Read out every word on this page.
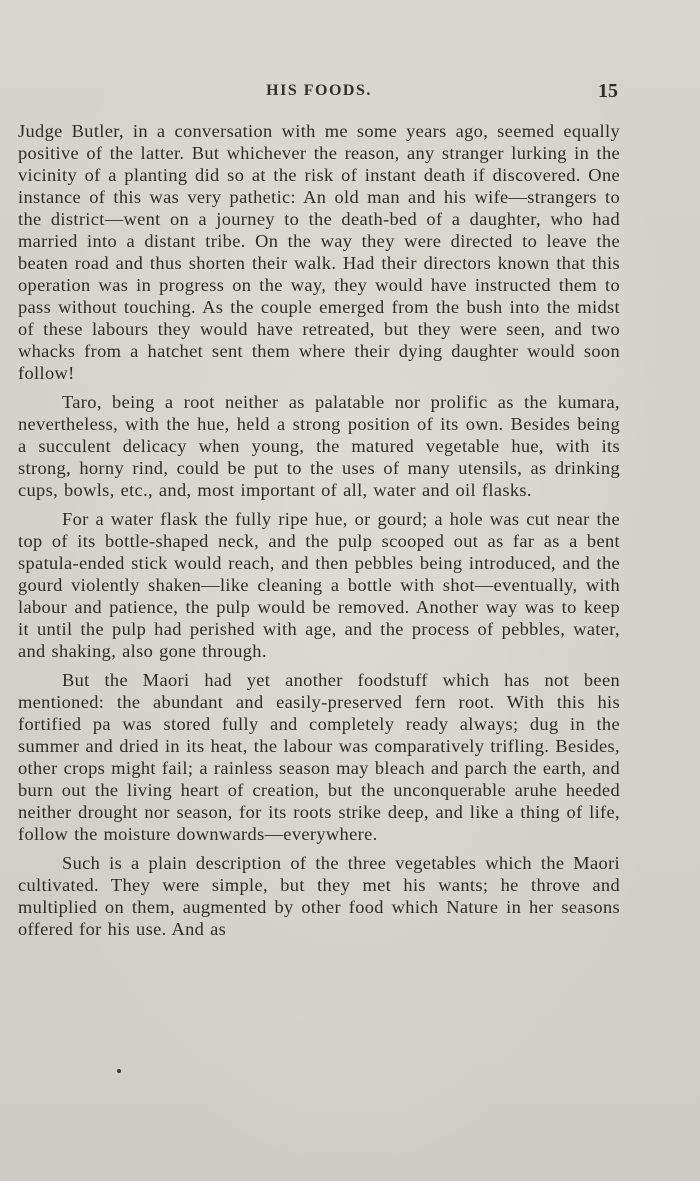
HIS FOODS.	15

Judge Butler, in a conversation with me some years ago, seemed equally positive of the latter. But whichever the reason, any stranger lurking in the vicinity of a planting did so at the risk of instant death if discovered. One instance of this was very pathetic: An old man and his wife—strangers to the district—went on a journey to the death-bed of a daughter, who had married into a distant tribe. On the way they were directed to leave the beaten road and thus shorten their walk. Had their directors known that this operation was in progress on the way, they would have instructed them to pass without touching. As the couple emerged from the bush into the midst of these labours they would have retreated, but they were seen, and two whacks from a hatchet sent them where their dying daughter would soon follow!

Taro, being a root neither as palatable nor prolific as the kumara, nevertheless, with the hue, held a strong position of its own. Besides being a succulent delicacy when young, the matured vegetable hue, with its strong, horny rind, could be put to the uses of many utensils, as drinking cups, bowls, etc., and, most important of all, water and oil flasks.

For a water flask the fully ripe hue, or gourd; a hole was cut near the top of its bottle-shaped neck, and the pulp scooped out as far as a bent spatula-ended stick would reach, and then pebbles being introduced, and the gourd violently shaken—like cleaning a bottle with shot—eventually, with labour and patience, the pulp would be removed. Another way was to keep it until the pulp had perished with age, and the process of pebbles, water, and shaking, also gone through.

But the Maori had yet another foodstuff which has not been mentioned: the abundant and easily-preserved fern root. With this his fortified pa was stored fully and completely ready always; dug in the summer and dried in its heat, the labour was comparatively trifling. Besides, other crops might fail; a rainless season may bleach and parch the earth, and burn out the living heart of creation, but the unconquerable aruhe heeded neither drought nor season, for its roots strike deep, and like a thing of life, follow the moisture downwards—everywhere.

Such is a plain description of the three vegetables which the Maori cultivated. They were simple, but they met his wants; he throve and multiplied on them, augmented by other food which Nature in her seasons offered for his use. And as
